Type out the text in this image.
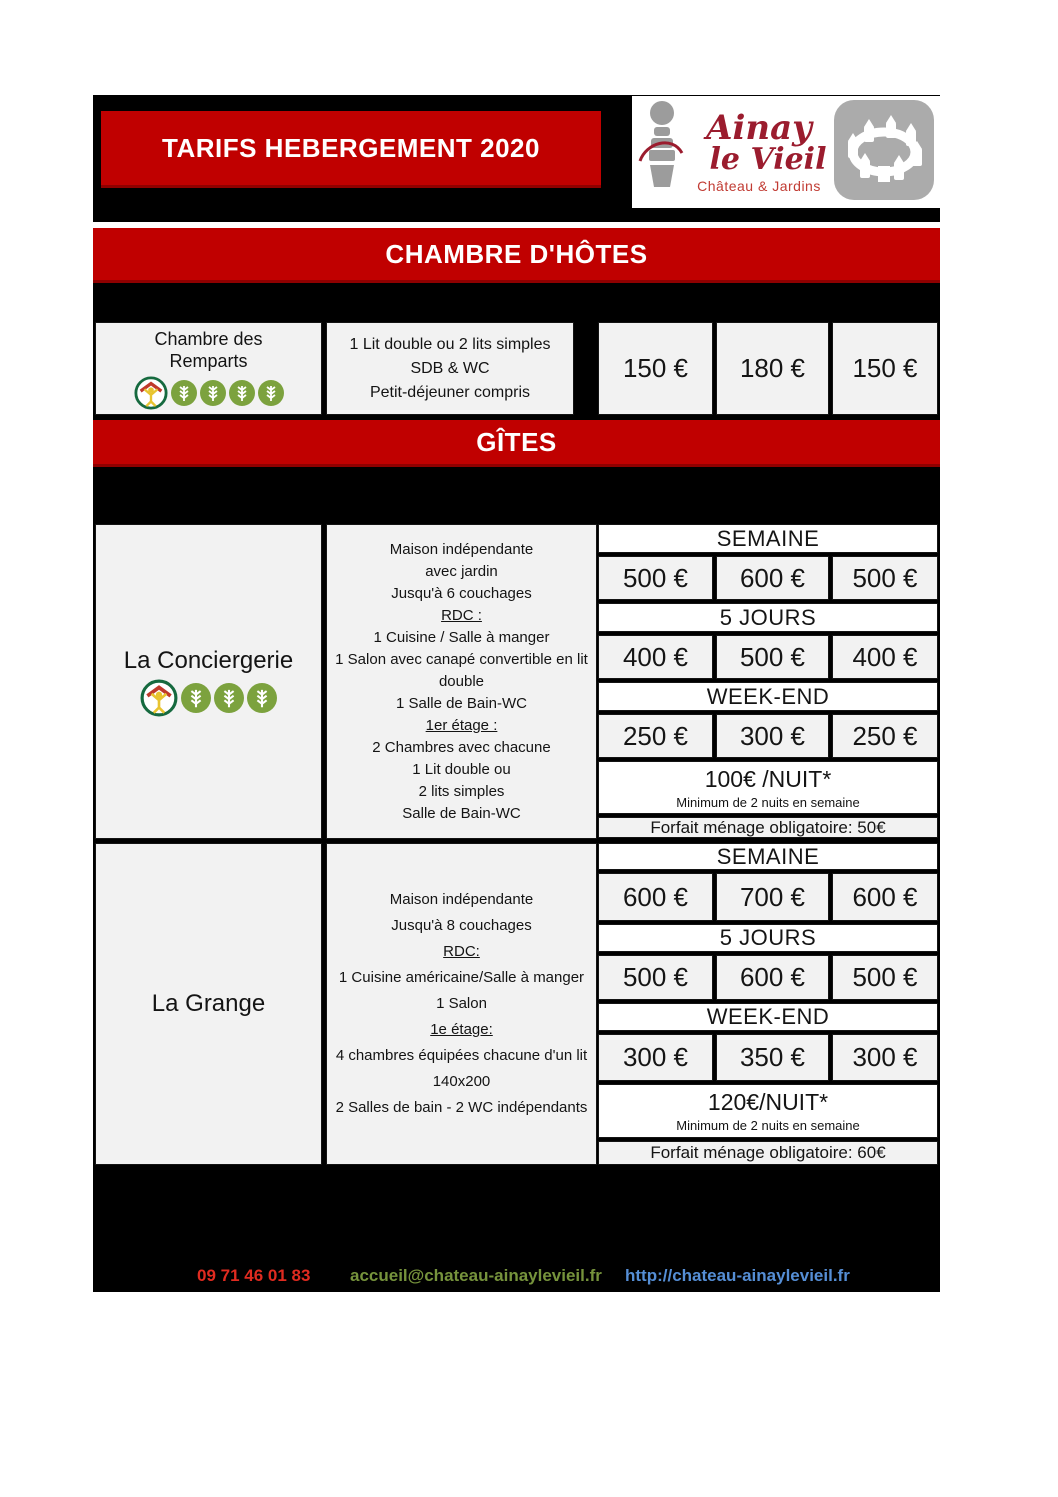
TARIFS HEBERGEMENT 2020	Ainay
le Vieil
Château & Jardins
CHAMBRE D'HÔTES
Chambre des
Remparts
1 Lit double ou 2 lits simples
SDB & WC
Petit-déjeuner compris
150 € 180 € 150 €
GÎTES
La Conciergerie
Maison indépendante
avec jardin
Jusqu'à 6 couchages
RDC :
1 Cuisine / Salle à manger
1 Salon avec canapé convertible en lit double
1 Salle de Bain-WC
1er étage :
2 Chambres avec chacune
1 Lit double ou
2 lits simples
Salle de Bain-WC
SEMAINE
500 € 600 € 500 €
5 JOURS
400 € 500 € 400 €
WEEK-END
250 € 300 € 250 €
100€ /NUIT*
Minimum de 2 nuits en semaine
Forfait ménage obligatoire: 50€
La Grange
Maison indépendante
Jusqu'à 8 couchages
RDC:
1 Cuisine américaine/Salle à manger
1 Salon
1e étage:
4 chambres équipées chacune d'un lit 140x200
2 Salles de bain - 2 WC indépendants
SEMAINE
600 € 700 € 600 €
5 JOURS
500 € 600 € 500 €
WEEK-END
300 € 350 € 300 €
120€/NUIT*
Minimum de 2 nuits en semaine
Forfait ménage obligatoire: 60€
09 71 46 01 83 accueil@chateau-ainaylevieil.fr http://chateau-ainaylevieil.fr
